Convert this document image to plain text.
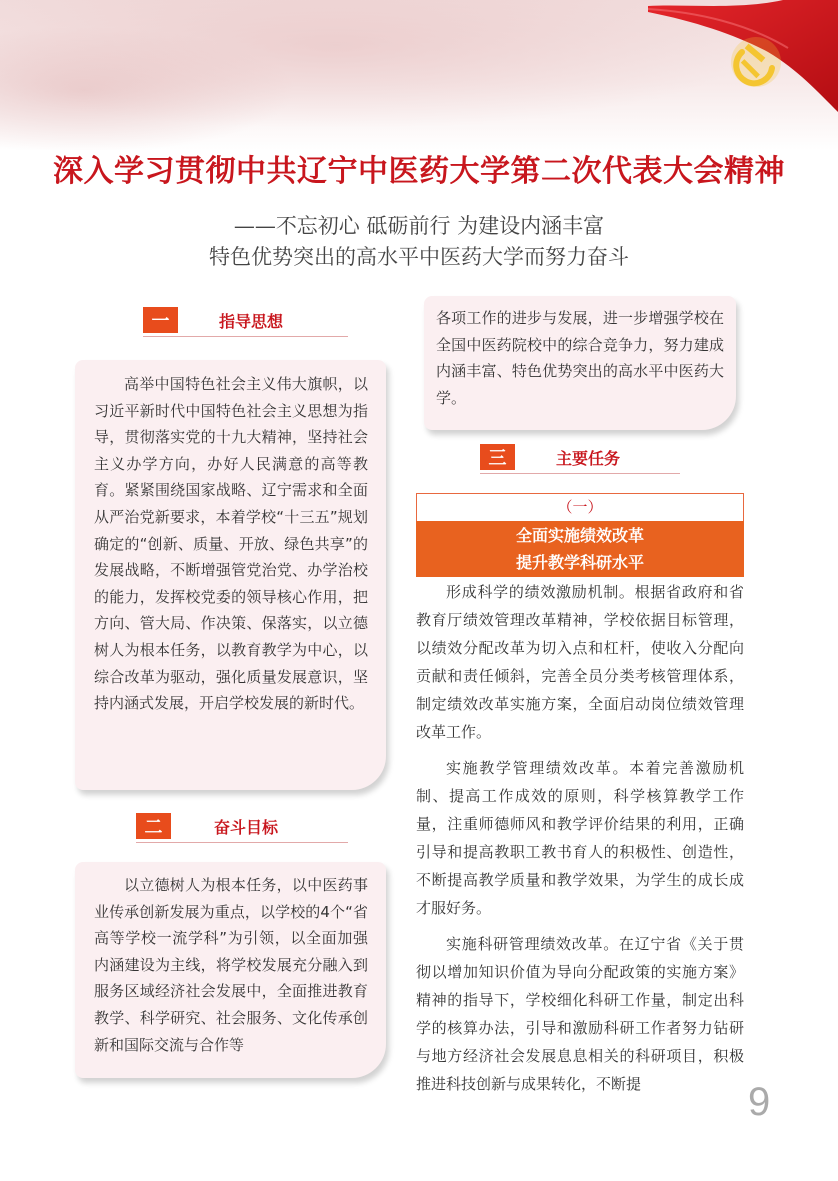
深入学习贯彻中共辽宁中医药大学第二次代表大会精神
——不忘初心 砥砺前行 为建设内涵丰富
特色优势突出的高水平中医药大学而努力奋斗
一	指导思想

高举中国特色社会主义伟大旗帜，以习近平新时代中国特色社会主义思想为指导，贯彻落实党的十九大精神，坚持社会主义办学方向，办好人民满意的高等教育。紧紧围绕国家战略、辽宁需求和全面从严治党新要求，本着学校“十三五”规划确定的“创新、质量、开放、绿色共享”的发展战略，不断增强管党治党、办学治校的能力，发挥校党委的领导核心作用，把方向、管大局、作决策、保落实，以立德树人为根本任务，以教育教学为中心，以综合改革为驱动，强化质量发展意识，坚持内涵式发展，开启学校发展的新时代。

二	奋斗目标

以立德树人为根本任务，以中医药事业传承创新发展为重点，以学校的4个“省高等学校一流学科”为引领，以全面加强内涵建设为主线，将学校发展充分融入到服务区域经济社会发展中，全面推进教育教学、科学研究、社会服务、文化传承创新和国际交流与合作等

各项工作的进步与发展，进一步增强学校在全国中医药院校中的综合竞争力，努力建成内涵丰富、特色优势突出的高水平中医药大学。

三	主要任务
（一）
全面实施绩效改革
提升教学科研水平

形成科学的绩效激励机制。根据省政府和省教育厅绩效管理改革精神，学校依据目标管理，以绩效分配改革为切入点和杠杆，使收入分配向贡献和责任倾斜，完善全员分类考核管理体系，制定绩效改革实施方案，全面启动岗位绩效管理改革工作。

实施教学管理绩效改革。本着完善激励机制、提高工作成效的原则，科学核算教学工作量，注重师德师风和教学评价结果的利用，正确引导和提高教职工教书育人的积极性、创造性，不断提高教学质量和教学效果，为学生的成长成才服好务。

实施科研管理绩效改革。在辽宁省《关于贯彻以增加知识价值为导向分配政策的实施方案》精神的指导下，学校细化科研工作量，制定出科学的核算办法，引导和激励科研工作者努力钻研与地方经济社会发展息息相关的科研项目，积极推进科技创新与成果转化，不断提	9
